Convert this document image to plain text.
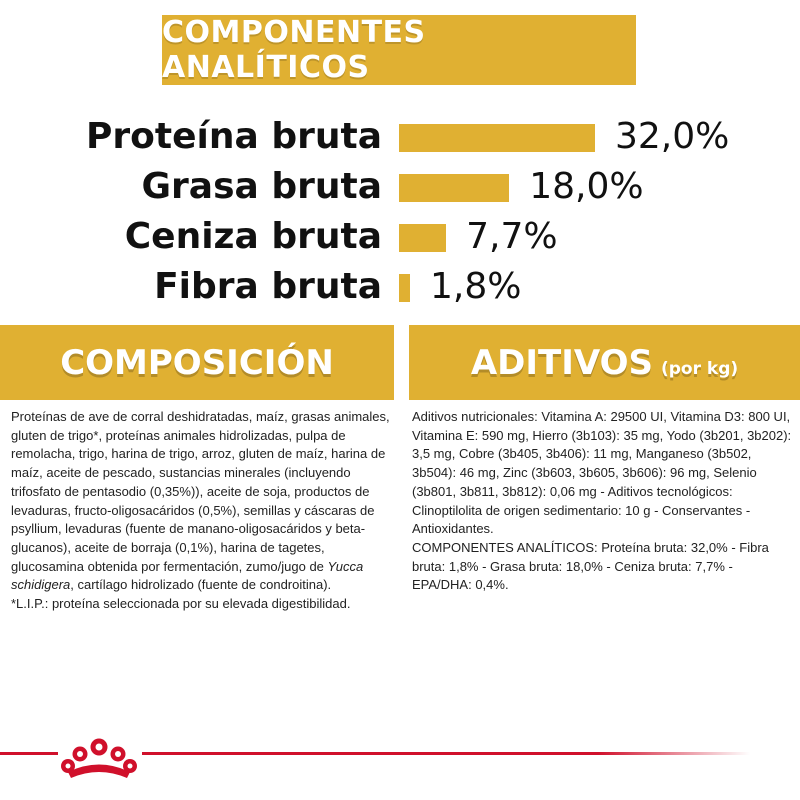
COMPONENTES ANALÍTICOS
Proteína bruta	32,0%
Grasa bruta	18,0%
Ceniza bruta 7,7%
Fibra bruta 1,8%
COMPOSICIÓN	ADITIVOS (por kg)
Proteínas de ave de corral deshidratadas, maíz, grasas animales, gluten de trigo*, proteínas animales hidrolizadas, pulpa de remolacha, trigo, harina de trigo, arroz, gluten de maíz, harina de maíz, aceite de pescado, sustancias minerales (incluyendo trifosfato de pentasodio (0,35%)), aceite de soja, productos de levaduras, fructo-oligosacáridos (0,5%), semillas y cáscaras de psyllium, levaduras (fuente de manano-oligosacáridos y beta-glucanos), aceite de borraja (0,1%), harina de tagetes, glucosamina obtenida por fermentación, zumo/jugo de Yucca schidigera, cartílago hidrolizado (fuente de condroitina).
*L.I.P.: proteína seleccionada por su elevada digestibilidad.
Aditivos nutricionales: Vitamina A: 29500 UI, Vitamina D3: 800 UI, Vitamina E: 590 mg, Hierro (3b103): 35 mg, Yodo (3b201, 3b202): 3,5 mg, Cobre (3b405, 3b406): 11 mg, Manganeso (3b502, 3b504): 46 mg, Zinc (3b603, 3b605, 3b606): 96 mg, Selenio (3b801, 3b811, 3b812): 0,06 mg - Aditivos tecnológicos: Clinoptilolita de origen sedimentario: 10 g - Conservantes - Antioxidantes.
COMPONENTES ANALÍTICOS: Proteína bruta: 32,0% - Fibra bruta: 1,8% - Grasa bruta: 18,0% - Ceniza bruta: 7,7% - EPA/DHA: 0,4%.
